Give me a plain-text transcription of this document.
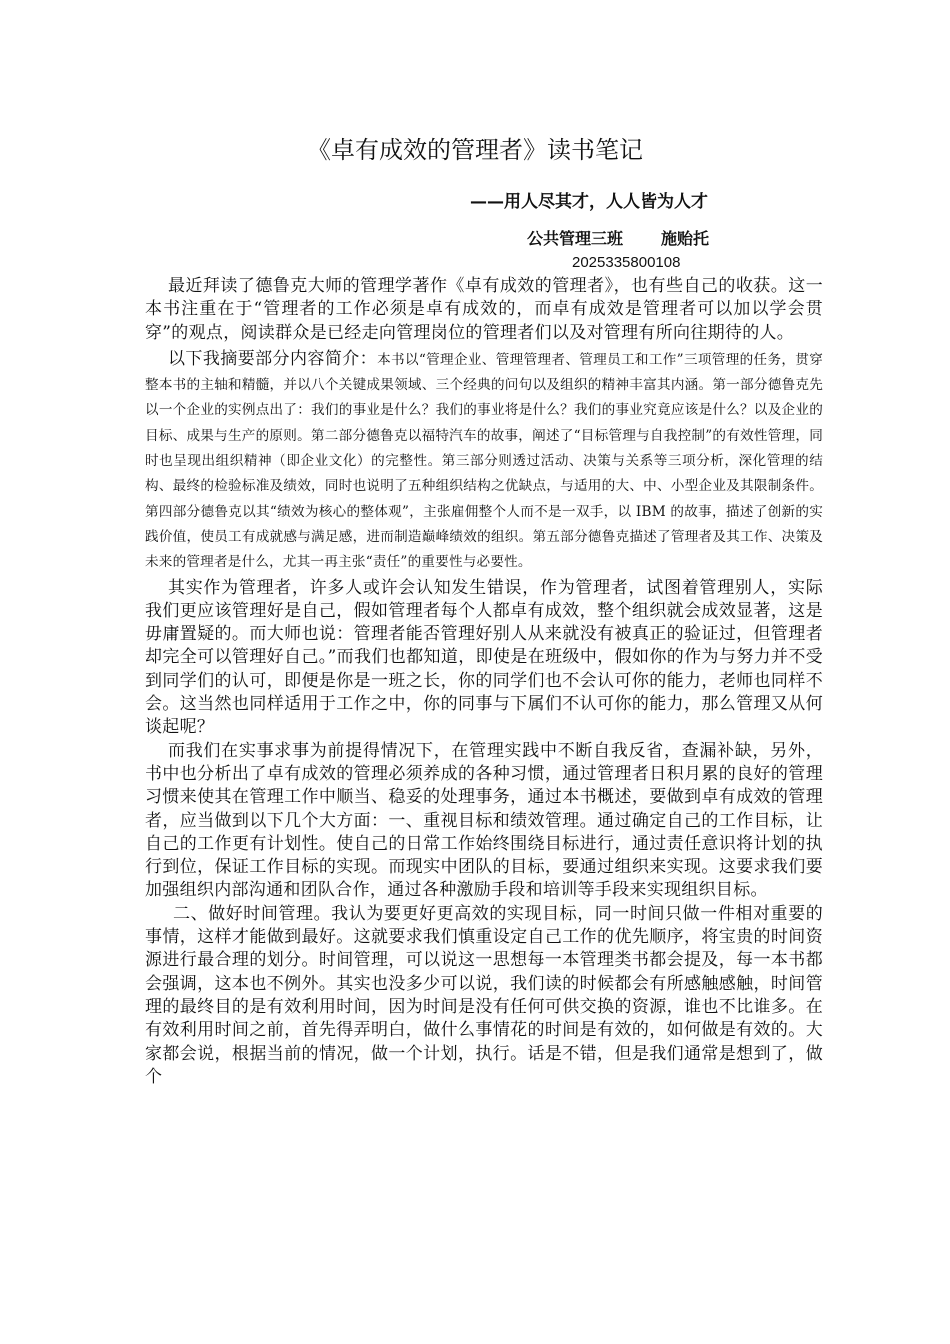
《卓有成效的管理者》读书笔记
——用人尽其才，人人皆为人才
公共管理三班 施贻托
2025335800108

最近拜读了德鲁克大师的管理学著作《卓有成效的管理者》，也有些自己的收获。这一本书注重在于“管理者的工作必须是卓有成效的，而卓有成效是管理者可以加以学会贯穿”的观点，阅读群众是已经走向管理岗位的管理者们以及对管理有所向往期待的人。

以下我摘要部分内容简介：本书以“管理企业、管理管理者、管理员工和工作”三项管理的任务，贯穿整本书的主轴和精髓，并以八个关键成果领域、三个经典的问句以及组织的精神丰富其内涵。第一部分德鲁克先以一个企业的实例点出了：我们的事业是什么？我们的事业将是什么？我们的事业究竟应该是什么？以及企业的目标、成果与生产的原则。第二部分德鲁克以福特汽车的故事，阐述了“目标管理与自我控制”的有效性管理，同时也呈现出组织精神（即企业文化）的完整性。第三部分则透过活动、决策与关系等三项分析，深化管理的结构、最终的检验标准及绩效，同时也说明了五种组织结构之优缺点，与适用的大、中、小型企业及其限制条件。第四部分德鲁克以其“绩效为核心的整体观”，主张雇佣整个人而不是一双手，以 IBM 的故事，描述了创新的实践价值，使员工有成就感与满足感，进而制造巅峰绩效的组织。第五部分德鲁克描述了管理者及其工作、决策及未来的管理者是什么，尤其一再主张“责任”的重要性与必要性。

其实作为管理者，许多人或许会认知发生错误，作为管理者，试图着管理别人，实际我们更应该管理好是自己，假如管理者每个人都卓有成效，整个组织就会成效显著，这是毋庸置疑的。而大师也说：管理者能否管理好别人从来就没有被真正的验证过，但管理者却完全可以管理好自己。”而我们也都知道，即使是在班级中，假如你的作为与努力并不受到同学们的认可，即便是你是一班之长，你的同学们也不会认可你的能力，老师也同样不会。这当然也同样适用于工作之中，你的同事与下属们不认可你的能力，那么管理又从何谈起呢？

而我们在实事求事为前提得情况下，在管理实践中不断自我反省，查漏补缺，另外，书中也分析出了卓有成效的管理必须养成的各种习惯，通过管理者日积月累的良好的管理习惯来使其在管理工作中顺当、稳妥的处理事务，通过本书概述，要做到卓有成效的管理者，应当做到以下几个大方面：一、重视目标和绩效管理。通过确定自己的工作目标，让自己的工作更有计划性。使自己的日常工作始终围绕目标进行，通过责任意识将计划的执行到位，保证工作目标的实现。而现实中团队的目标，要通过组织来实现。这要求我们要加强组织内部沟通和团队合作，通过各种激励手段和培训等手段来实现组织目标。

二、做好时间管理。我认为要更好更高效的实现目标，同一时间只做一件相对重要的事情，这样才能做到最好。这就要求我们慎重设定自己工作的优先顺序，将宝贵的时间资源进行最合理的划分。时间管理，可以说这一思想每一本管理类书都会提及，每一本书都会强调，这本也不例外。其实也没多少可以说，我们读的时候都会有所感触感触，时间管理的最终目的是有效利用时间，因为时间是没有任何可供交换的资源，谁也不比谁多。在有效利用时间之前，首先得弄明白，做什么事情花的时间是有效的，如何做是有效的。大家都会说，根据当前的情况，做一个计划，执行。话是不错，但是我们通常是想到了，做个
